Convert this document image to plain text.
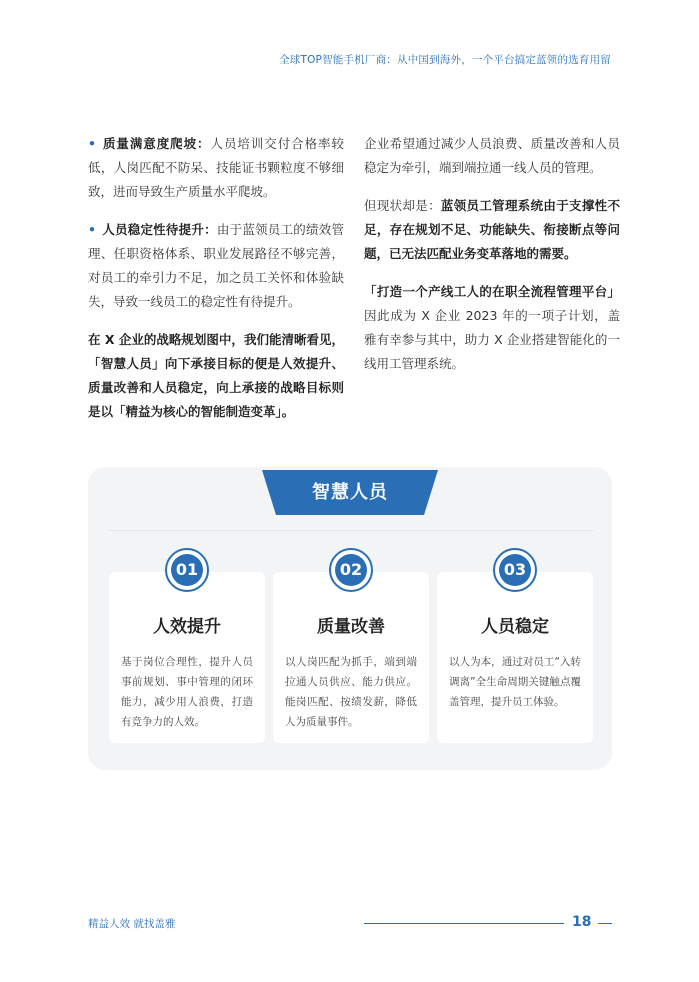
全球TOP智能手机厂商：从中国到海外，一个平台搞定蓝领的选育用留

• 质量满意度爬坡：人员培训交付合格率较低，人岗匹配不防呆、技能证书颗粒度不够细致，进而导致生产质量水平爬坡。

• 人员稳定性待提升：由于蓝领员工的绩效管理、任职资格体系、职业发展路径不够完善，对员工的牵引力不足，加之员工关怀和体验缺失，导致一线员工的稳定性有待提升。

在 X 企业的战略规划图中，我们能清晰看见，「智慧人员」向下承接目标的便是人效提升、质量改善和人员稳定，向上承接的战略目标则是以「精益为核心的智能制造变革」。

企业希望通过减少人员浪费、质量改善和人员稳定为牵引，端到端拉通一线人员的管理。

但现状却是：蓝领员工管理系统由于支撑性不足，存在规划不足、功能缺失、衔接断点等问题，已无法匹配业务变革落地的需要。

「打造一个产线工人的在职全流程管理平台」因此成为 X 企业 2023 年的一项子计划，盖雅有幸参与其中，助力 X 企业搭建智能化的一线用工管理系统。

智慧人员
人效提升
基于岗位合理性，提升人员事前规划、事中管理的闭环能力，减少用人浪费，打造有竞争力的人效。
01
质量改善
以人岗匹配为抓手，端到端拉通人员供应、能力供应。能岗匹配、按绩发薪，降低人为质量事件。
02
人员稳定
以人为本，通过对员工“入转调离”全生命周期关键触点覆盖管理，提升员工体验。
03
精益人效 就找盖雅	18
